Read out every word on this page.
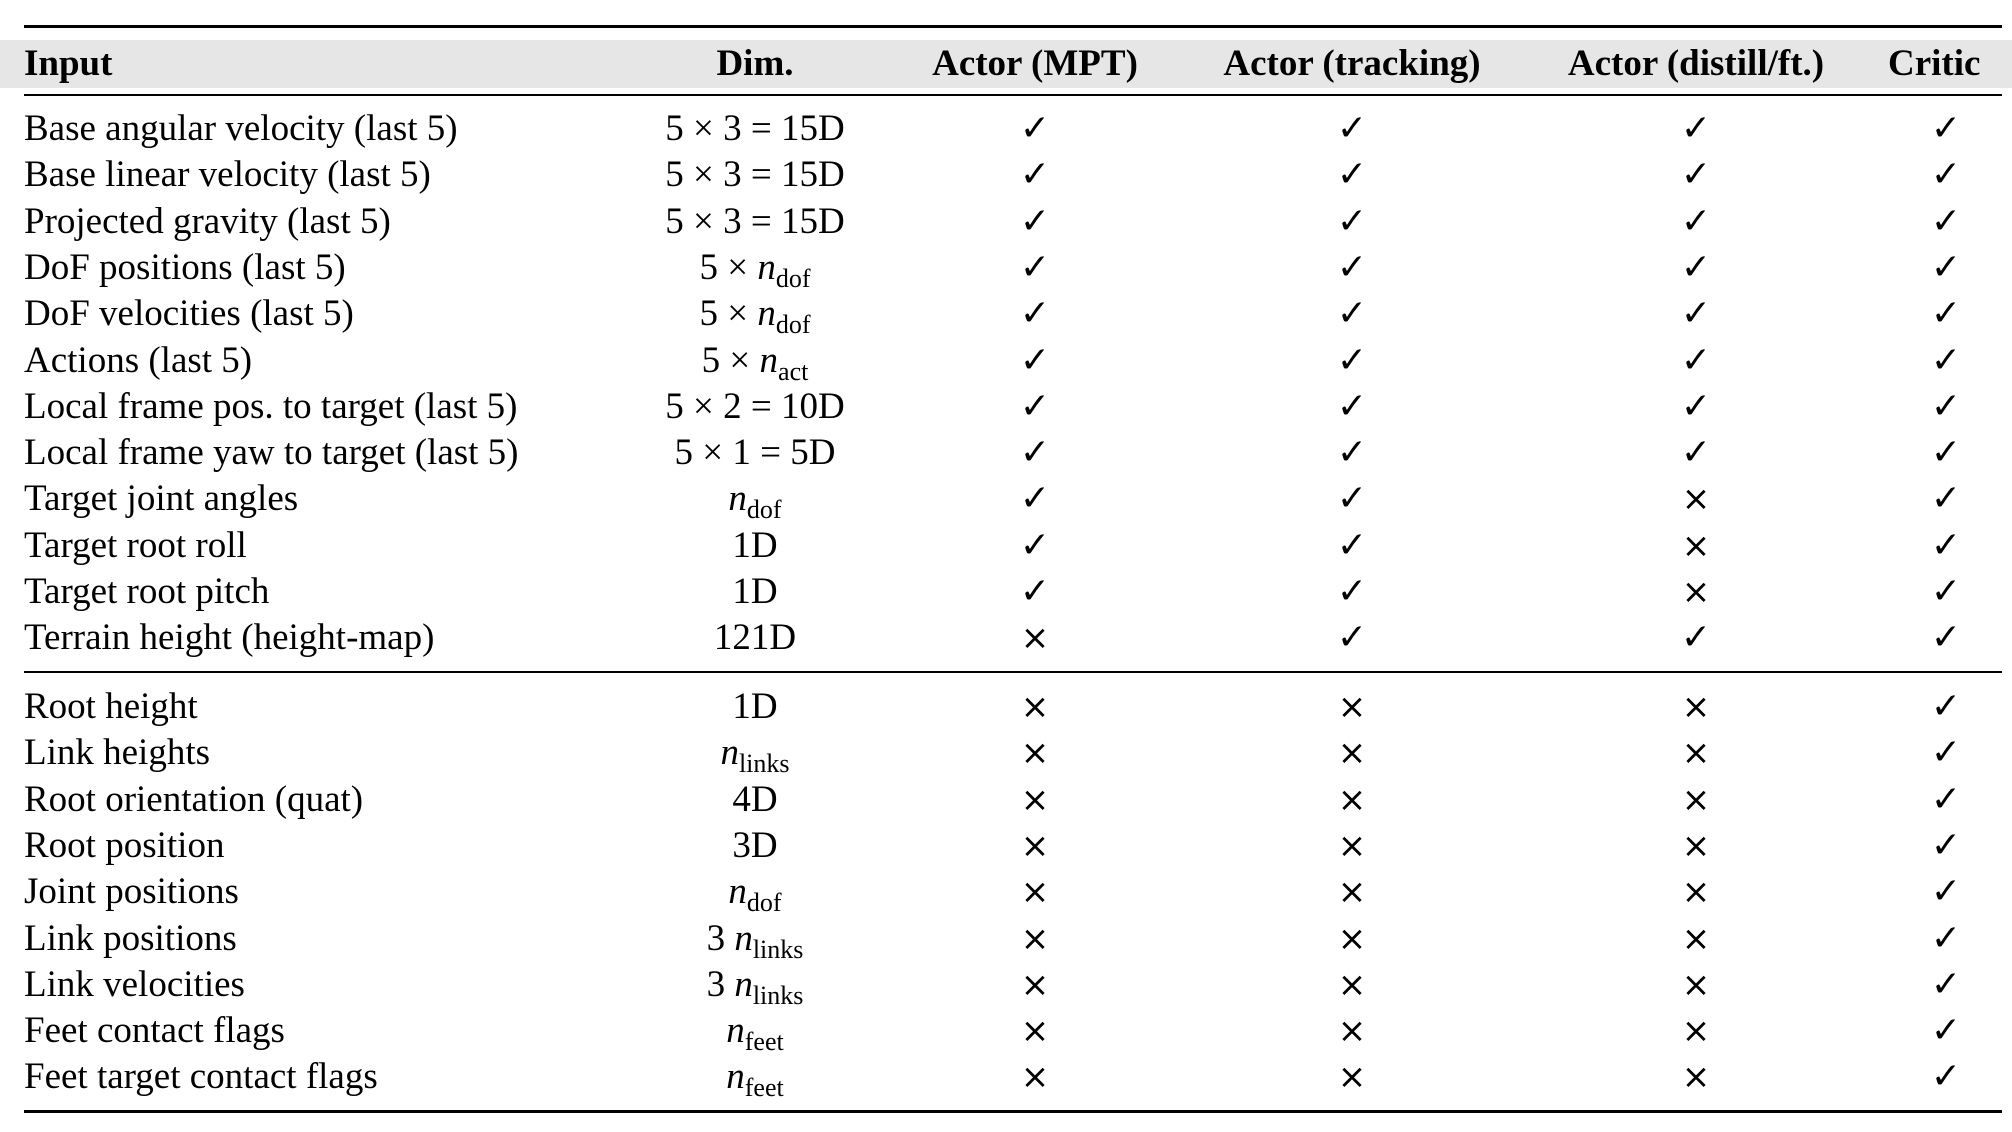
Input	Dim.	Actor (MPT)	Actor (tracking)	Actor (distill/ft.)	Critic
Base angular velocity (last 5)	5 × 3 = 15D	✓	✓	✓	✓
Base linear velocity (last 5)	5 × 3 = 15D	✓	✓	✓	✓
Projected gravity (last 5)	5 × 3 = 15D	✓	✓	✓	✓
DoF positions (last 5)	$5 \times n_{dof}$	✓	✓	✓	✓
DoF velocities (last 5)	$5 \times n_{dof}$	✓	✓	✓	✓
Actions (last 5)	$5 \times n_{act}$	✓	✓	✓	✓
Local frame pos. to target (last 5)	5 × 2 = 10D	✓	✓	✓	✓
Local frame yaw to target (last 5)	5 × 1 = 5D	✓	✓	✓	✓
Target joint angles	$n_{dof}$	✓	✓	×	✓
Target root roll	1D	✓	✓	×	✓
Target root pitch	1D	✓	✓	×	✓
Terrain height (height-map)	121D	×	✓	✓	✓
Root height	1D	×	×	×	✓
Link heights	$n_{links}$	×	×	×	✓
Root orientation (quat)	4D	×	×	×	✓
Root position	3D	×	×	×	✓
Joint positions	$n_{dof}$	×	×	×	✓
Link positions	3 $n_{links}$	×	×	×	✓
Link velocities	3 $n_{links}$	×	×	×	✓
Feet contact flags	$n_{feet}$	×	×	×	✓
Feet target contact flags	$n_{feet}$	×	×	×	✓
